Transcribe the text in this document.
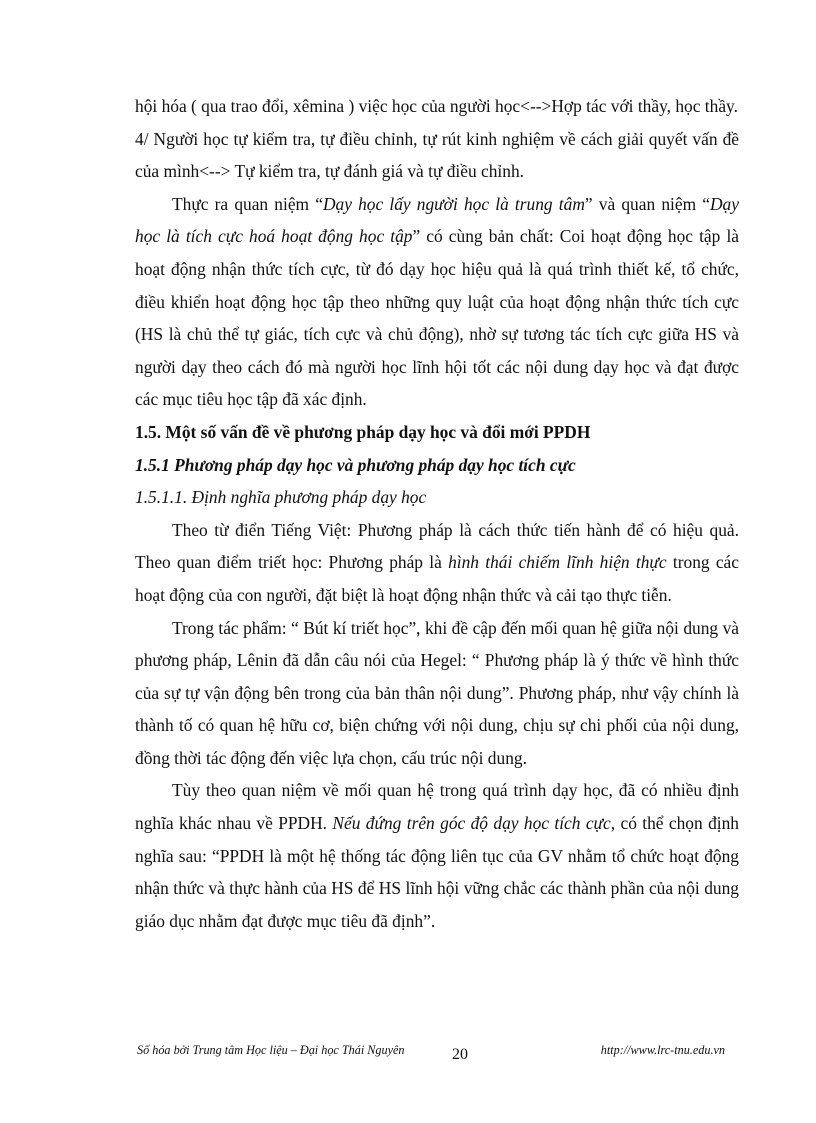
hội hóa ( qua trao đổi, xêmina ) việc học của người học<-->Hợp tác với thầy, học thầy.

4/ Người học tự kiểm tra, tự điều chỉnh, tự rút kinh nghiệm về cách giải quyết vấn đề của mình<--> Tự kiểm tra, tự đánh giá và tự điều chỉnh.

Thực ra quan niệm “Dạy học lấy người học là trung tâm” và quan niệm “Dạy học là tích cực hoá hoạt động học tập” có cùng bản chất: Coi hoạt động học tập là hoạt động nhận thức tích cực, từ đó dạy học hiệu quả là quá trình thiết kế, tổ chức, điều khiển hoạt động học tập theo những quy luật của hoạt động nhận thức tích cực (HS là chủ thể tự giác, tích cực và chủ động), nhờ sự tương tác tích cực giữa HS và người dạy theo cách đó mà người học lĩnh hội tốt các nội dung dạy học và đạt được các mục tiêu học tập đã xác định.

1.5. Một số vấn đề về phương pháp dạy học và đổi mới PPDH

1.5.1 Phương pháp dạy học và phương pháp dạy học tích cực

1.5.1.1. Định nghĩa phương pháp dạy học

Theo từ điển Tiếng Việt: Phương pháp là cách thức tiến hành để có hiệu quả. Theo quan điểm triết học: Phương pháp là hình thái chiếm lĩnh hiện thực trong các hoạt động của con người, đặt biệt là hoạt động nhận thức và cải tạo thực tiễn.

Trong tác phẩm: “ Bút kí triết học”, khi đề cập đến mối quan hệ giữa nội dung và phương pháp, Lênin đã dẫn câu nói của Hegel: “ Phương pháp là ý thức về hình thức của sự tự vận động bên trong của bản thân nội dung”. Phương pháp, như vậy chính là thành tố có quan hệ hữu cơ, biện chứng với nội dung, chịu sự chi phối của nội dung, đồng thời tác động đến việc lựa chọn, cấu trúc nội dung.

Tùy theo quan niệm về mối quan hệ trong quá trình dạy học, đã có nhiều định nghĩa khác nhau về PPDH. Nếu đứng trên góc độ dạy học tích cực, có thể chọn định nghĩa sau: “PPDH là một hệ thống tác động liên tục của GV nhằm tổ chức hoạt động nhận thức và thực hành của HS để HS lĩnh hội vững chắc các thành phần của nội dung giáo dục nhằm đạt được mục tiêu đã định”.

Số hóa bởi Trung tâm Học liệu – Đại học Thái Nguyên	20	http://www.lrc-tnu.edu.vn
